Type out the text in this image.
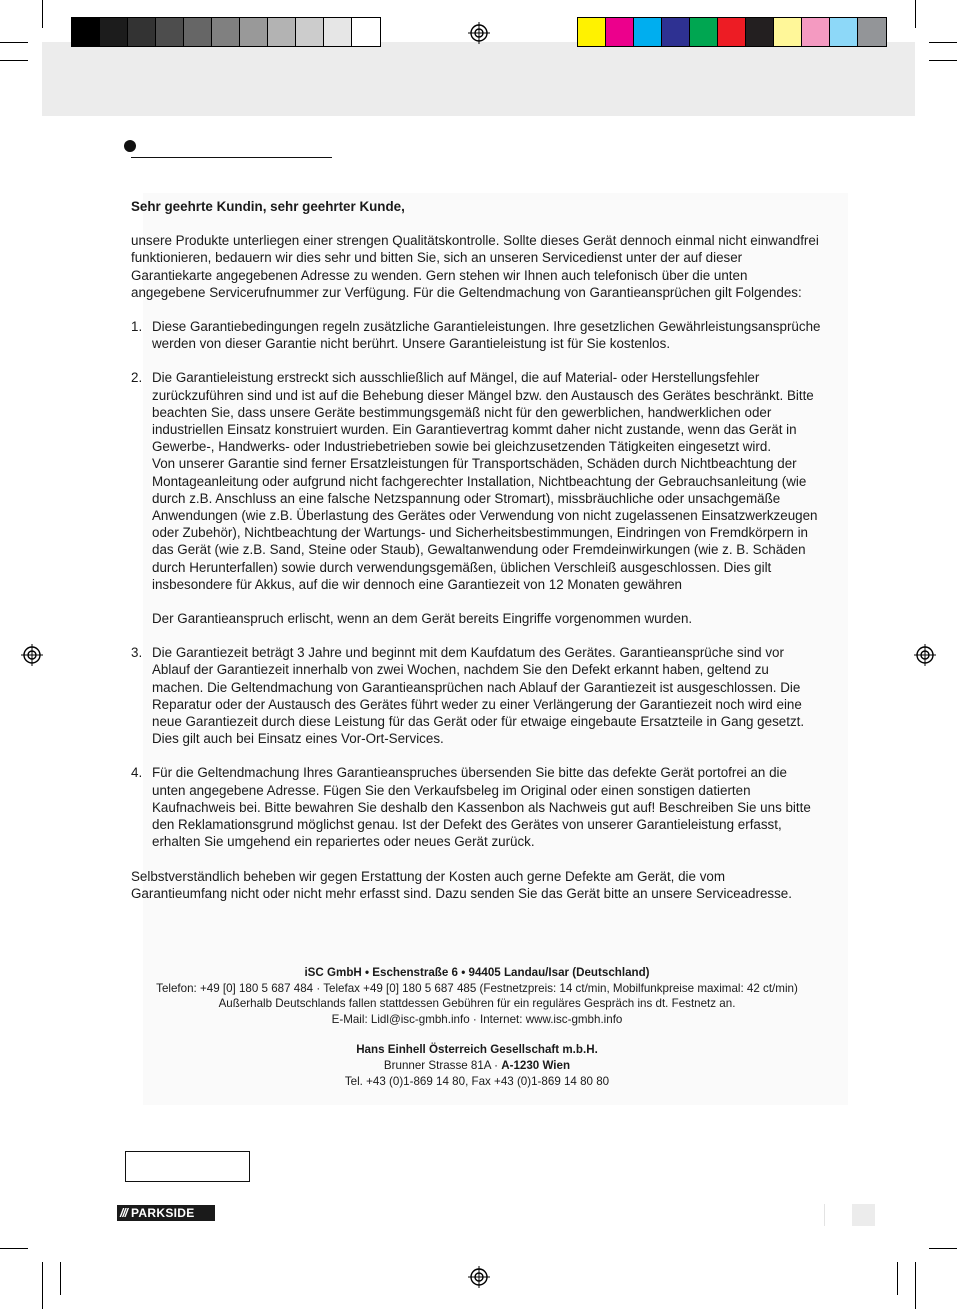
Sehr geehrte Kundin, sehr geehrter Kunde,

unsere Produkte unterliegen einer strengen Qualitätskontrolle. Sollte dieses Gerät dennoch einmal nicht einwandfrei funktionieren, bedauern wir dies sehr und bitten Sie, sich an unseren Servicedienst unter der auf dieser Garantiekarte angegebenen Adresse zu wenden. Gern stehen wir Ihnen auch telefonisch über die unten angegebene Servicerufnummer zur Verfügung. Für die Geltendmachung von Garantieansprüchen gilt Folgendes:

1. Diese Garantiebedingungen regeln zusätzliche Garantieleistungen. Ihre gesetzlichen Gewährleistungsansprüche werden von dieser Garantie nicht berührt. Unsere Garantieleistung ist für Sie kostenlos.

2. Die Garantieleistung erstreckt sich ausschließlich auf Mängel, die auf Material- oder Herstellungsfehler zurückzuführen sind und ist auf die Behebung dieser Mängel bzw. den Austausch des Gerätes beschränkt. Bitte beachten Sie, dass unsere Geräte bestimmungsgemäß nicht für den gewerblichen, handwerklichen oder industriellen Einsatz konstruiert wurden. Ein Garantievertrag kommt daher nicht zustande, wenn das Gerät in Gewerbe-, Handwerks- oder Industriebetrieben sowie bei gleichzusetzenden Tätigkeiten eingesetzt wird.

Von unserer Garantie sind ferner Ersatzleistungen für Transportschäden, Schäden durch Nichtbeachtung der Montageanleitung oder aufgrund nicht fachgerechter Installation, Nichtbeachtung der Gebrauchsanleitung (wie durch z.B. Anschluss an eine falsche Netzspannung oder Stromart), missbräuchliche oder unsachgemäße Anwendungen (wie z.B. Überlastung des Gerätes oder Verwendung von nicht zugelassenen Einsatzwerkzeugen oder Zubehör), Nichtbeachtung der Wartungs- und Sicherheitsbestimmungen, Eindringen von Fremdkörpern in das Gerät (wie z.B. Sand, Steine oder Staub), Gewaltanwendung oder Fremdeinwirkungen (wie z. B. Schäden durch Herunterfallen) sowie durch verwendungsgemäßen, üblichen Verschleiß ausgeschlossen. Dies gilt insbesondere für Akkus, auf die wir dennoch eine Garantiezeit von 12 Monaten gewähren

Der Garantieanspruch erlischt, wenn an dem Gerät bereits Eingriffe vorgenommen wurden.

3. Die Garantiezeit beträgt 3 Jahre und beginnt mit dem Kaufdatum des Gerätes. Garantieansprüche sind vor Ablauf der Garantiezeit innerhalb von zwei Wochen, nachdem Sie den Defekt erkannt haben, geltend zu machen. Die Geltendmachung von Garantieansprüchen nach Ablauf der Garantiezeit ist ausgeschlossen. Die Reparatur oder der Austausch des Gerätes führt weder zu einer Verlängerung der Garantiezeit noch wird eine neue Garantiezeit durch diese Leistung für das Gerät oder für etwaige eingebaute Ersatzteile in Gang gesetzt. Dies gilt auch bei Einsatz eines Vor-Ort-Services.

4. Für die Geltendmachung Ihres Garantieanspruches übersenden Sie bitte das defekte Gerät portofrei an die unten angegebene Adresse. Fügen Sie den Verkaufsbeleg im Original oder einen sonstigen datierten Kaufnachweis bei. Bitte bewahren Sie deshalb den Kassenbon als Nachweis gut auf! Beschreiben Sie uns bitte den Reklamationsgrund möglichst genau. Ist der Defekt des Gerätes von unserer Garantieleistung erfasst, erhalten Sie umgehend ein repariertes oder neues Gerät zurück.

Selbstverständlich beheben wir gegen Erstattung der Kosten auch gerne Defekte am Gerät, die vom Garantieumfang nicht oder nicht mehr erfasst sind. Dazu senden Sie das Gerät bitte an unsere Serviceadresse.

iSC GmbH • Eschenstraße 6 • 94405 Landau/Isar (Deutschland)
Telefon: +49 [0] 180 5 687 484 · Telefax +49 [0] 180 5 687 485 (Festnetzpreis: 14 ct/min, Mobilfunkpreise maximal: 42 ct/min)
Außerhalb Deutschlands fallen stattdessen Gebühren für ein reguläres Gespräch ins dt. Festnetz an.
E-Mail: Lidl@isc-gmbh.info · Internet: www.isc-gmbh.info
Hans Einhell Österreich Gesellschaft m.b.H.
Brunner Strasse 81A · A-1230 Wien
Tel. +43 (0)1-869 14 80, Fax +43 (0)1-869 14 80 80
/// PARKSIDE
